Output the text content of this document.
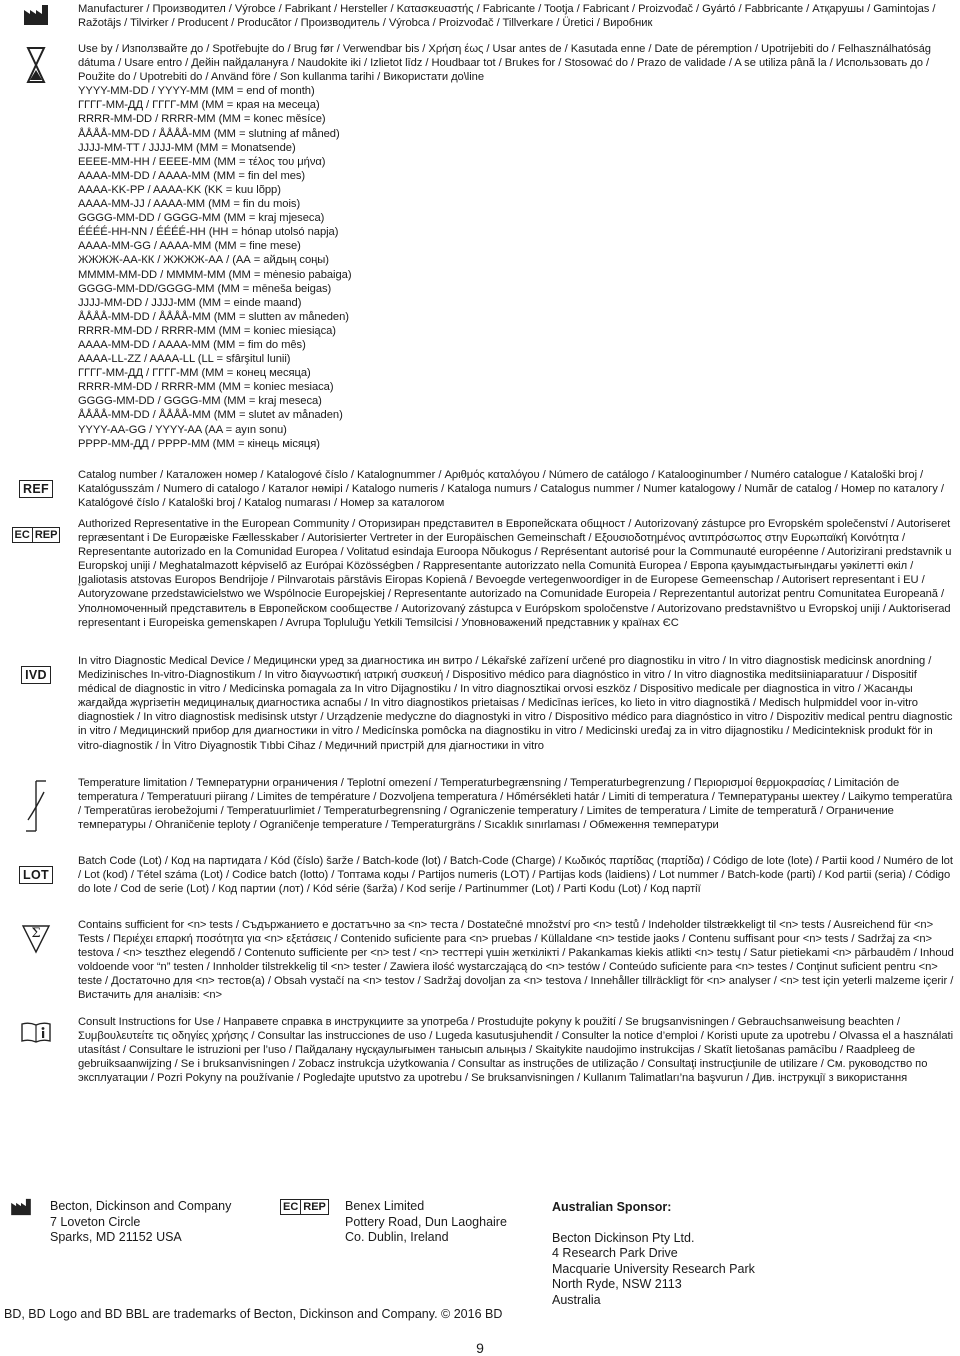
Manufacturer / Производител / Výrobce / Fabrikant / Hersteller / Κατασκευαστής / Fabricante / Tootja / Fabricant / Proizvođač / Gyártó / Fabbricante / Атқарушы / Gamintojas / Ražotājs / Tilvirker / Producent / Producător / Производитель / Výrobca / Proizvođač / Tillverkare / Üretici / Виробник
Use by / Използвайте до / Spotřebujte do / Brug før / Verwendbar bis / Χρήση έως / Usar antes de / Kasutada enne / Date de péremption / Upotrijebiti do / Felhasználhatóság dátuma / Usare entro / Дейін пайдалануға / Naudokite iki / Izlietot līdz / Houdbaar tot / Brukes for / Stosować do / Prazo de validade / A se utiliza până la / Использовать до / Použite do / Upotrebiti do / Använd före / Son kullanma tarihi / Використати до\line
YYYY-MM-DD / YYYY-MM (MM = end of month)
ГГГГ-ММ-ДД / ГГГГ-ММ (ММ = края на месеца)
RRRR-MM-DD / RRRR-MM (MM = konec měsíce)
ÅÅÅÅ-MM-DD / ÅÅÅÅ-MM (MM = slutning af måned)
JJJJ-MM-TT / JJJJ-MM (MM = Monatsende)
ΕΕΕΕ-ΜΜ-ΗΗ / ΕΕΕΕ-ΜΜ (ΜΜ = τέλος του μήνα)
AAAA-MM-DD / AAAA-MM (MM = fin del mes)
AAAA-KK-PP / AAAA-KK (KK = kuu lõpp)
AAAA-MM-JJ / AAAA-MM (MM = fin du mois)
GGGG-MM-DD / GGGG-MM (MM = kraj mjeseca)
ÉÉÉÉ-HH-NN / ÉÉÉÉ-HH (HH = hónap utolsó napja)
AAAA-MM-GG / AAAA-MM (MM = fine mese)
ЖЖЖЖ-АА-КК / ЖЖЖЖ-АА / (АА = айдың соңы)
MMMM-MM-DD / MMMM-MM (MM = mėnesio pabaiga)
GGGG-MM-DD/GGGG-MM (MM = mēneša beigas)
JJJJ-MM-DD / JJJJ-MM (MM = einde maand)
ÅÅÅÅ-MM-DD / ÅÅÅÅ-MM (MM = slutten av måneden)
RRRR-MM-DD / RRRR-MM (MM = koniec miesiąca)
AAAA-MM-DD / AAAA-MM (MM = fim do mês)
AAAA-LL-ZZ / AAAA-LL (LL = sfârşitul lunii)
ГГГГ-ММ-ДД / ГГГГ-ММ (ММ = конец месяца)
RRRR-MM-DD / RRRR-MM (MM = koniec mesiaca)
GGGG-MM-DD / GGGG-MM (MM = kraj meseca)
ÅÅÅÅ-MM-DD / ÅÅÅÅ-MM (MM = slutet av månaden)
YYYY-AA-GG / YYYY-AA (AA = ayın sonu)
РРРР-ММ-ДД / РРРР-ММ (ММ = кінець місяця)
REF
Catalog number / Каталожен номер / Katalogové číslo / Katalognummer / Αριθμός καταλόγου / Número de catálogo / Katalooginumber / Numéro catalogue / Kataloški broj / Katalógusszám / Numero di catalogo / Каталог нөмірі / Katalogo numeris / Kataloga numurs / Catalogus nummer / Numer katalogowy / Număr de catalog / Номер по каталогу / Katalógové číslo / Kataloški broj / Katalog numarası / Номер за каталогом
EC REP
Authorized Representative in the European Community / Оторизиран представител в Европейската общност / Autorizovaný zástupce pro Evropském společenství / Autoriseret repræsentant i De Europæiske Fællesskaber / Autorisierter Vertreter in der Europäischen Gemeinschaft / Εξουσιοδοτημένος αντιπρόσωπος στην Ευρωπαϊκή Κοινότητα / Representante autorizado en la Comunidad Europea / Volitatud esindaja Euroopa Nõukogus / Représentant autorisé pour la Communauté européenne / Autorizirani predstavnik u Europskoj uniji / Meghatalmazott képviselő az Európai Közösségben / Rappresentante autorizzato nella Comunità Europea / Европа қауымдастығындағы уәкілетті өкіл / Įgaliotasis atstovas Europos Bendrijoje / Pilnvarotais pārstāvis Eiropas Kopienā / Bevoegde vertegenwoordiger in de Europese Gemeenschap / Autorisert representant i EU / Autoryzowane przedstawicielstwo we Wspólnocie Europejskiej / Representante autorizado na Comunidade Europeia / Reprezentantul autorizat pentru Comunitatea Europeană / Уполномоченный представитель в Европейском сообществе / Autorizovaný zástupca v Európskom spoločenstve / Autorizovano predstavništvo u Evropskoj uniji / Auktoriserad representant i Europeiska gemenskapen / Avrupa Topluluğu Yetkili Temsilcisi / Уповноважений представник у країнах ЄС
IVD
In vitro Diagnostic Medical Device / Медицински уред за диагностика ин витро / Lékařské zařízení určené pro diagnostiku in vitro / In vitro diagnostisk medicinsk anordning / Medizinisches In-vitro-Diagnostikum / In vitro διαγνωστική ιατρική συσκευή / Dispositivo médico para diagnóstico in vitro / In vitro diagnostika meditsiiniaparatuur / Dispositif médical de diagnostic in vitro / Medicinska pomagala za In vitro Dijagnostiku / In vitro diagnosztikai orvosi eszköz / Dispositivo medicale per diagnostica in vitro / Жасанды жағдайда жүргізетін медициналық диагностика аспабы / In vitro diagnostikos prietaisas / Medicīnas ierīces, ko lieto in vitro diagnostikā / Medisch hulpmiddel voor in-vitro diagnostiek / In vitro diagnostisk medisinsk utstyr / Urządzenie medyczne do diagnostyki in vitro / Dispositivo médico para diagnóstico in vitro / Dispozitiv medical pentru diagnostic in vitro / Медицинский прибор для диагностики in vitro / Medicínska pomôcka na diagnostiku in vitro / Medicinski uređaj za in vitro dijagnostiku / Medicinteknisk produkt för in vitro-diagnostik / İn Vitro Diyagnostik Tıbbi Cihaz / Медичний пристрій для діагностики in vitro
Temperature limitation / Температурни ограничения / Teplotní omezení / Temperaturbegrænsning / Temperaturbegrenzung / Περιορισμοί θερμοκρασίας / Limitación de temperatura / Temperatuuri piirang / Limites de température / Dozvoljena temperatura / Hőmérsékleti határ / Limiti di temperatura / Температураны шектеу / Laikymo temperatūra / Temperatūras ierobežojumi / Temperatuurlimiet / Temperaturbegrensning / Ograniczenie temperatury / Limites de temperatura / Limite de temperatură / Ограничение температуры / Ohraničenie teploty / Ograničenje temperature / Temperaturgräns / Sıcaklık sınırlaması / Обмеження температури
LOT
Batch Code (Lot) / Код на партидата / Kód (číslo) šarže / Batch-kode (lot) / Batch-Code (Charge) / Κωδικός παρτίδας (παρτίδα) / Código de lote (lote) / Partii kood / Numéro de lot / Lot (kod) / Tétel száma (Lot) / Codice batch (lotto) / Топтама коды / Partijos numeris (LOT) / Partijas kods (laidiens) / Lot nummer / Batch-kode (parti) / Kod partii (seria) / Código do lote / Cod de serie (Lot) / Код партии (лот) / Kód série (šarža) / Kod serije / Partinummer (Lot) / Parti Kodu (Lot) / Код партії
Σ
Contains sufficient for <n> tests / Съдържанието е достатъчно за <n> теста / Dostatečné množství pro <n> testů / Indeholder tilstrækkeligt til <n> tests / Ausreichend für <n> Tests / Περιέχει επαρκή ποσότητα για <n> εξετάσεις / Contenido suficiente para <n> pruebas / Küllaldane <n> testide jaoks / Contenu suffisant pour <n> tests / Sadržaj za <n> testova / <n> teszthez elegendő / Contenuto sufficiente per <n> test / <n> тесттері үшін жеткілікті / Pakankamas kiekis atlikti <n> testų / Satur pietiekami <n> pārbaudēm / Inhoud voldoende voor “n” testen / Innholder tilstrekkelig til <n> tester / Zawiera ilość wystarczającą do <n> testów / Conteúdo suficiente para <n> testes / Conţinut suficient pentru <n> teste / Достаточно для <n> тестов(а) / Obsah vystačí na <n> testov / Sadržaj dovoljan za <n> testova / Innehåller tillräckligt för <n> analyser / <n> test için yeterli malzeme içerir / Вистачить для аналізів: <n>
Consult Instructions for Use / Направете справка в инструкциите за употреба / Prostudujte pokyny k použití / Se brugsanvisningen / Gebrauchsanweisung beachten / Συμβουλευτείτε τις οδηγίες χρήσης / Consultar las instrucciones de uso / Lugeda kasutusjuhendit / Consulter la notice d’emploi / Koristi upute za upotrebu / Olvassa el a használati utasítást / Consultare le istruzioni per l’uso / Пайдалану нұсқаулығымен танысып алыңыз / Skaitykite naudojimo instrukcijas / Skatīt lietošanas pamācību / Raadpleeg de gebruiksaanwijzing / Se i bruksanvisningen / Zobacz instrukcja użytkowania / Consultar as instruções de utilização / Consultaţi instrucţiunile de utilizare / См. руководство по эксплуатации / Pozri Pokyny na používanie / Pogledajte uputstvo za upotrebu / Se bruksanvisningen / Kullanım Talimatları’na başvurun / Див. інструкції з використання
Becton, Dickinson and Company
7 Loveton Circle
Sparks, MD 21152 USA
EC REP Benex Limited
Pottery Road, Dun Laoghaire
Co. Dublin, Ireland

Australian Sponsor:

Becton Dickinson Pty Ltd.
4 Research Park Drive
Macquarie University Research Park
North Ryde, NSW 2113
Australia

BD, BD Logo and BD BBL are trademarks of Becton, Dickinson and Company. © 2016 BD
9
